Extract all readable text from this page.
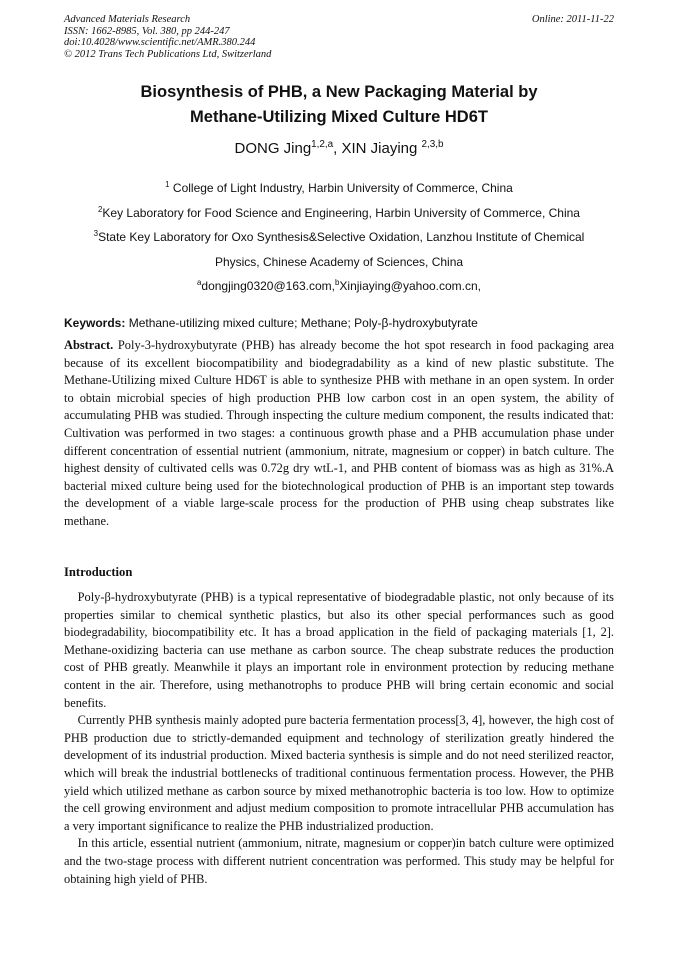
Advanced Materials Research
ISSN: 1662-8985, Vol. 380, pp 244-247
doi:10.4028/www.scientific.net/AMR.380.244
© 2012 Trans Tech Publications Ltd, Switzerland
Online: 2011-11-22
Biosynthesis of PHB, a New Packaging Material by
Methane-Utilizing Mixed Culture HD6T
DONG Jing$^{1,2,a}$, XIN Jiaying $^{2,3,b}$
$^1$ College of Light Industry, Harbin University of Commerce, China
$^2$Key Laboratory for Food Science and Engineering, Harbin University of Commerce, China
$^3$State Key Laboratory for Oxo Synthesis&Selective Oxidation, Lanzhou Institute of Chemical
Physics, Chinese Academy of Sciences, China
$^a$dongjing0320@163.com,$^b$Xinjiaying@yahoo.com.cn,
Keywords: Methane-utilizing mixed culture; Methane; Poly-β-hydroxybutyrate
Abstract. Poly-3-hydroxybutyrate (PHB) has already become the hot spot research in food packaging area because of its excellent biocompatibility and biodegradability as a kind of new plastic substitute. The Methane-Utilizing mixed Culture HD6T is able to synthesize PHB with methane in an open system. In order to obtain microbial species of high production PHB low carbon cost in an open system, the ability of accumulating PHB was studied. Through inspecting the culture medium component, the results indicated that: Cultivation was performed in two stages: a continuous growth phase and a PHB accumulation phase under different concentration of essential nutrient (ammonium, nitrate, magnesium or copper) in batch culture. The highest density of cultivated cells was 0.72g dry wtL-1, and PHB content of biomass was as high as 31%.A bacterial mixed culture being used for the biotechnological production of PHB is an important step towards the development of a viable large-scale process for the production of PHB using cheap substrates like methane.
Introduction

Poly-β-hydroxybutyrate (PHB) is a typical representative of biodegradable plastic, not only because of its properties similar to chemical synthetic plastics, but also its other special performances such as good biodegradability, biocompatibility etc. It has a broad application in the field of packaging materials [1, 2]. Methane-oxidizing bacteria can use methane as carbon source. The cheap substrate reduces the production cost of PHB greatly. Meanwhile it plays an important role in environment protection by reducing methane content in the air. Therefore, using methanotrophs to produce PHB will bring certain economic and social benefits.

Currently PHB synthesis mainly adopted pure bacteria fermentation process[3, 4], however, the high cost of PHB production due to strictly-demanded equipment and technology of sterilization greatly hindered the development of its industrial production. Mixed bacteria synthesis is simple and do not need sterilized reactor, which will break the industrial bottlenecks of traditional continuous fermentation process. However, the PHB yield which utilized methane as carbon source by mixed methanotrophic bacteria is too low. How to optimize the cell growing environment and adjust medium composition to promote intracellular PHB accumulation has a very important significance to realize the PHB industrialized production.

In this article, essential nutrient (ammonium, nitrate, magnesium or copper)in batch culture were optimized and the two-stage process with different nutrient concentration was performed. This study may be helpful for obtaining high yield of PHB.
